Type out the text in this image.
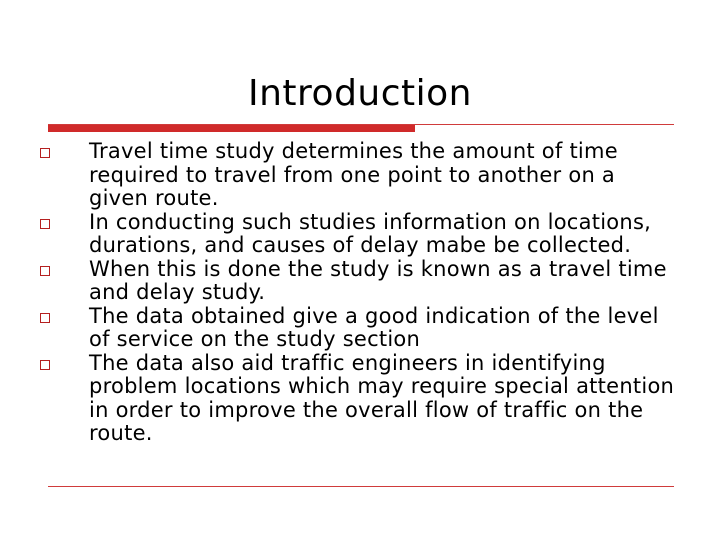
Introduction
Travel time study determines the amount of time required to travel from one point to another on a given route.
In conducting such studies information on locations, durations, and causes of delay mabe be collected.
When this is done the study is known as a travel time and delay study.
The data obtained give a good indication of the level of service on the study section
The data also aid traffic engineers in identifying problem locations which may require special attention in order to improve the overall flow of traffic on the route.
